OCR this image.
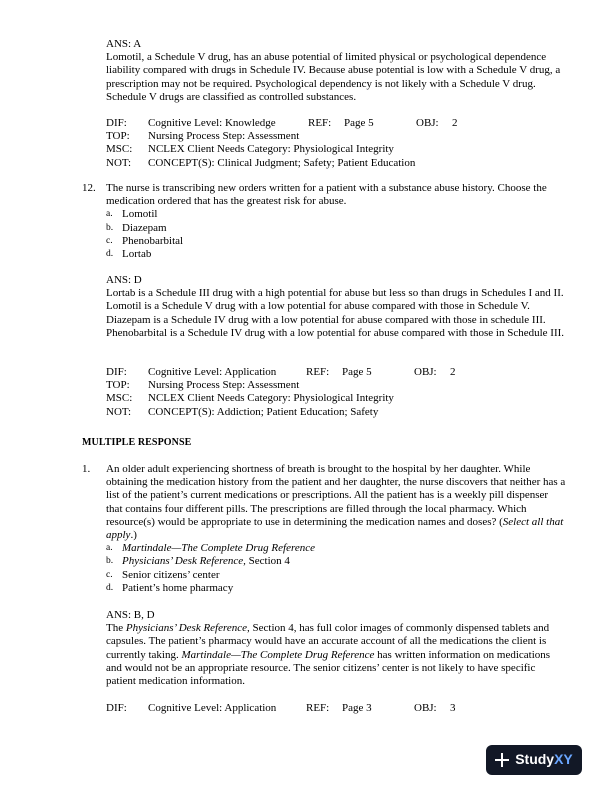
ANS: A

Lomotil, a Schedule V drug, has an abuse potential of limited physical or psychological dependence liability compared with drugs in Schedule IV. Because abuse potential is low with a Schedule V drug, a prescription may not be required. Psychological dependency is not likely with a Schedule V drug. Schedule V drugs are classified as controlled substances.

DIF:	Cognitive Level: Knowledge	REF:	Page 5	OBJ:	2
TOP:	Nursing Process Step: Assessment
MSC:	NCLEX Client Needs Category: Physiological Integrity
NOT:	CONCEPT(S): Clinical Judgment; Safety; Patient Education
12. The nurse is transcribing new orders written for a patient with a substance abuse history. Choose the medication ordered that has the greatest risk for abuse.

a. Lomotil
b. Diazepam
c. Phenobarbital
d. Lortab

ANS: D

Lortab is a Schedule III drug with a high potential for abuse but less so than drugs in Schedules I and II. Lomotil is a Schedule V drug with a low potential for abuse compared with those in Schedule V. Diazepam is a Schedule IV drug with a low potential for abuse compared with those in schedule III. Phenobarbital is a Schedule IV drug with a low potential for abuse compared with those in Schedule III.

DIF:	Cognitive Level: Application	REF:	Page 5	OBJ:	2
TOP:	Nursing Process Step: Assessment
MSC:	NCLEX Client Needs Category: Physiological Integrity
NOT:	CONCEPT(S): Addiction; Patient Education; Safety
MULTIPLE RESPONSE
1. An older adult experiencing shortness of breath is brought to the hospital by her daughter. While obtaining the medication history from the patient and her daughter, the nurse discovers that neither has a list of the patient’s current medications or prescriptions. All the patient has is a weekly pill dispenser that contains four different pills. The prescriptions are filled through the local pharmacy. Which resource(s) would be appropriate to use in determining the medication names and doses? (Select all that apply.)

a. Martindale—The Complete Drug Reference
b. Physicians’ Desk Reference, Section 4
c. Senior citizens’ center
d. Patient’s home pharmacy

ANS: B, D

The Physicians’ Desk Reference, Section 4, has full color images of commonly dispensed tablets and capsules. The patient’s pharmacy would have an accurate account of all the medications the client is currently taking. Martindale—The Complete Drug Reference has written information on medications and would not be an appropriate resource. The senior citizens’ center is not likely to have specific patient medication information.

DIF:	Cognitive Level: Application	REF:	Page 3	OBJ:	3
StudyXY
